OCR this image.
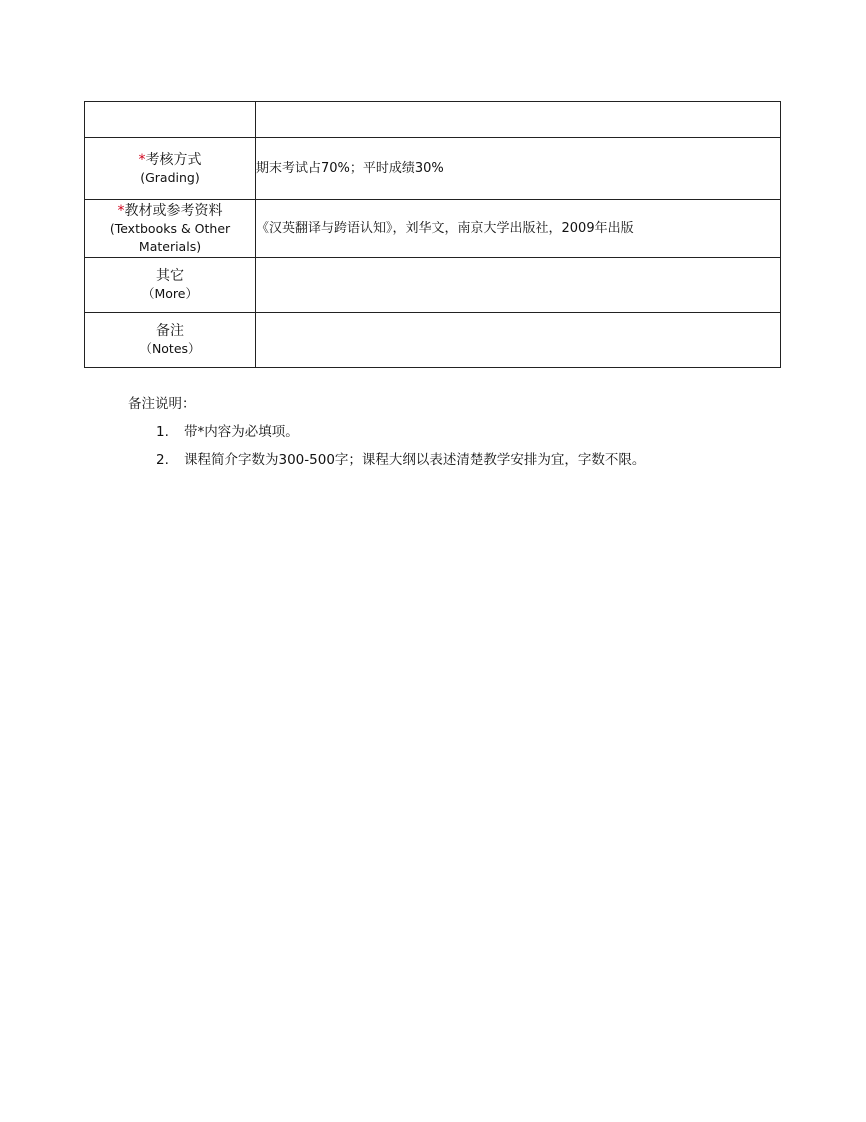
*考核方式
(Grading)	期末考试占70%；平时成绩30%

*教材或参考资料
(Textbooks & Other
Materials)	《汉英翻译与跨语认知》，刘华文，南京大学出版社，2009年出版

其它
（More）	

备注
（Notes）	

备注说明：

1.	带*内容为必填项。
2.	课程简介字数为300-500字；课程大纲以表述清楚教学安排为宜，字数不限。
